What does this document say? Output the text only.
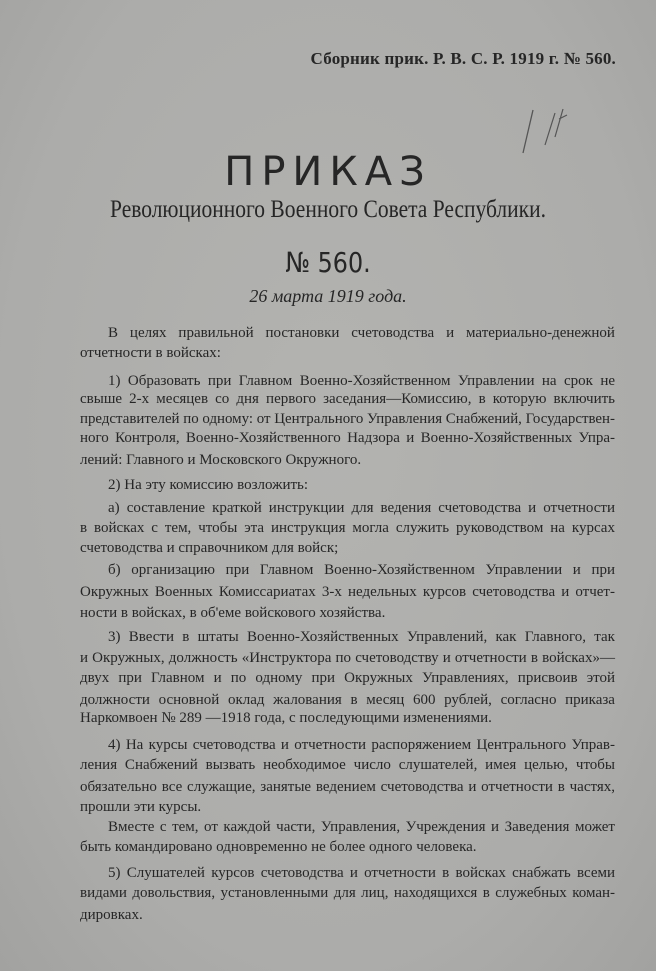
Сборник прик. Р. В. С. Р. 1919 г. № 560.
ПРИКАЗ
Революционного Военного Совета Республики.
№ 560.
26 марта 1919 года.
В целях правильной постановки счетоводства и материально-денежной
отчетности в войсках:
1) Образовать при Главном Военно-Хозяйственном Управлении на срок не
свыше 2-х месяцев со дня первого заседания—Комиссию, в которую включить
представителей по одному: от Центрального Управления Снабжений, Государствен-
ного Контроля, Военно-Хозяйственного Надзора и Военно-Хозяйственных Упра-
лений: Главного и Московского Окружного.
2) На эту комиссию возложить:
а) составление краткой инструкции для ведения счетоводства и отчетности
в войсках с тем, чтобы эта инструкция могла служить руководством на курсах
счетоводства и справочником для войск;
б) организацию при Главном Военно-Хозяйственном Управлении и при
Окружных Военных Комиссариатах 3-х недельных курсов счетоводства и отчет-
ности в войсках, в об'еме войскового хозяйства.
3) Ввести в штаты Военно-Хозяйственных Управлений, как Главного, так
и Окружных, должность «Инструктора по счетоводству и отчетности в войсках»—
двух при Главном и по одному при Окружных Управлениях, присвоив этой
должности основной оклад жалования в месяц 600 рублей, согласно приказа
Наркомвоен № 289 —1918 года, с последующими изменениями.
4) На курсы счетоводства и отчетности распоряжением Центрального Управ-
ления Снабжений вызвать необходимое число слушателей, имея целью, чтобы
обязательно все служащие, занятые ведением счетоводства и отчетности в частях,
прошли эти курсы.
Вместе с тем, от каждой части, Управления, Учреждения и Заведения может
быть командировано одновременно не более одного человека.
5) Слушателей курсов счетоводства и отчетности в войсках снабжать всеми
видами довольствия, установленными для лиц, находящихся в служебных коман-
дировках.
